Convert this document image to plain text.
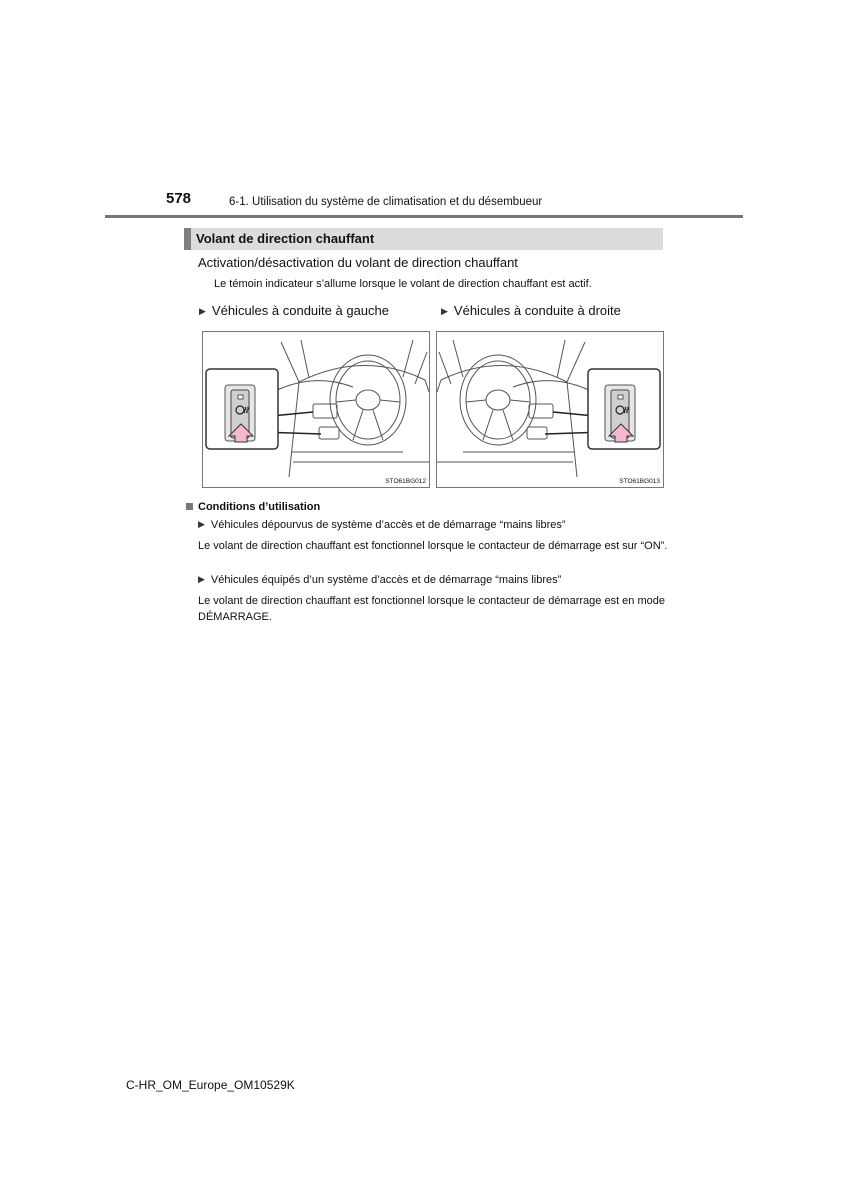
578	6-1. Utilisation du système de climatisation et du désembueur
Volant de direction chauffant
Activation/désactivation du volant de direction chauffant
Le témoin indicateur s’allume lorsque le volant de direction chauffant est actif.
▶ Véhicules à conduite à gauche	▶ Véhicules à conduite à droite
STO61BG012	STO61BG013
Conditions d’utilisation
▶ Véhicules dépourvus de système d’accès et de démarrage “mains libres”
Le volant de direction chauffant est fonctionnel lorsque le contacteur de démarrage est sur “ON”.
▶ Véhicules équipés d’un système d’accès et de démarrage “mains libres”
Le volant de direction chauffant est fonctionnel lorsque le contacteur de démarrage est en mode DÉMARRAGE.
C-HR_OM_Europe_OM10529K
